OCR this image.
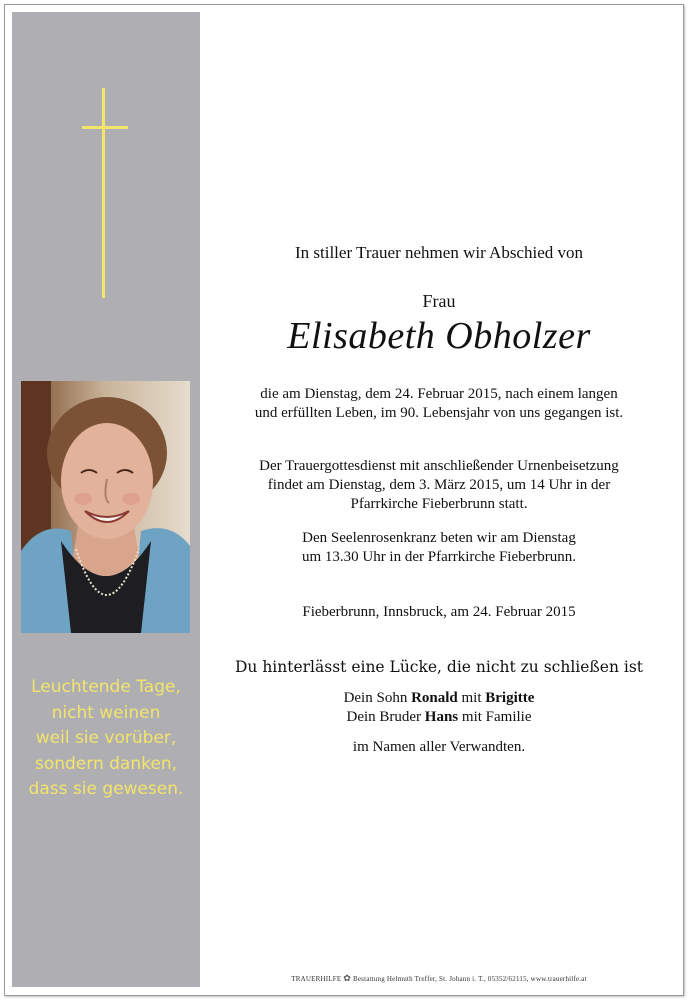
Leuchtende Tage,
nicht weinen
weil sie vorüber,
sondern danken,
dass sie gewesen.
In stiller Trauer nehmen wir Abschied von
Frau
Elisabeth Obholzer
die am Dienstag, dem 24. Februar 2015, nach einem langen
und erfüllten Leben, im 90. Lebensjahr von uns gegangen ist.
Der Trauergottesdienst mit anschließender Urnenbeisetzung
findet am Dienstag, dem 3. März 2015, um 14 Uhr in der
Pfarrkirche Fieberbrunn statt.
Den Seelenrosenkranz beten wir am Dienstag
um 13.30 Uhr in der Pfarrkirche Fieberbrunn.
Fieberbrunn, Innsbruck, am 24. Februar 2015
Du hinterlässt eine Lücke, die nicht zu schließen ist
Dein Sohn Ronald mit Brigitte
Dein Bruder Hans mit Familie
im Namen aller Verwandten.
TRAUERHILFE ✿ Bestattung Helmuth Treffer, St. Johann i. T., 05352/62115, www.trauerhilfe.at
